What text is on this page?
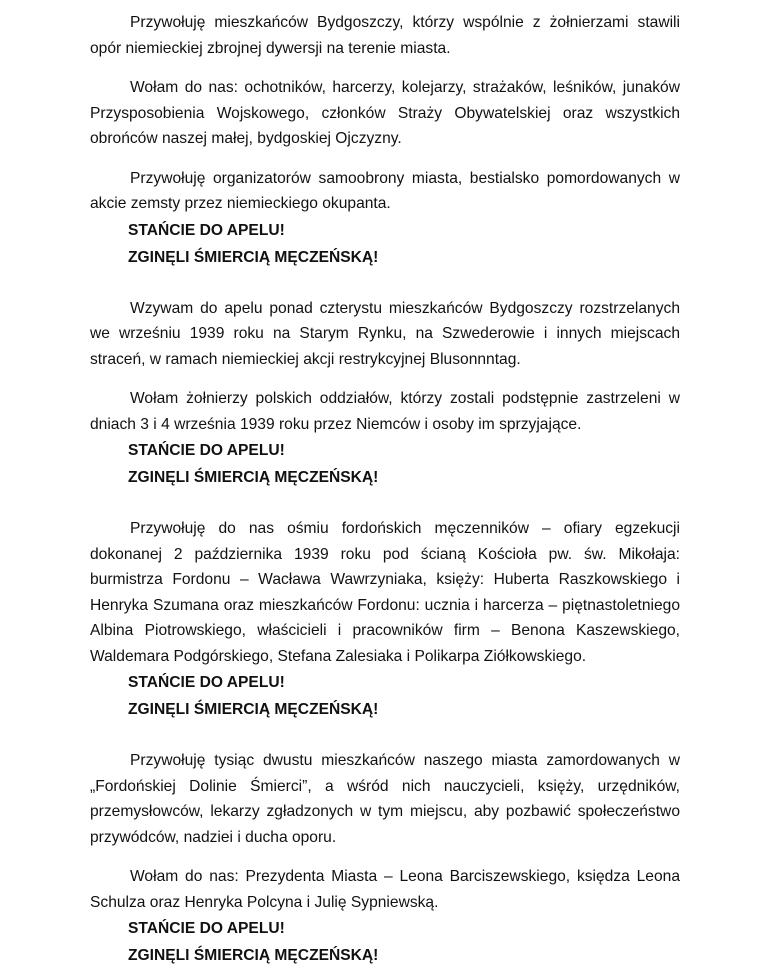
Przywołuję mieszkańców Bydgoszczy, którzy wspólnie z żołnierzami stawili opór niemieckiej zbrojnej dywersji na terenie miasta.

Wołam do nas: ochotników, harcerzy, kolejarzy, strażaków, leśników, junaków Przysposobienia Wojskowego, członków Straży Obywatelskiej oraz wszystkich obrońców naszej małej, bydgoskiej Ojczyzny.

Przywołuję organizatorów samoobrony miasta, bestialsko pomordowanych w akcie zemsty przez niemieckiego okupanta.

STAŃCIE DO APELU!

ZGINĘLI ŚMIERCIĄ MĘCZEŃSKĄ!

Wzywam do apelu ponad czterystu mieszkańców Bydgoszczy rozstrzelanych we wrześniu 1939 roku na Starym Rynku, na Szwederowie i innych miejscach straceń, w ramach niemieckiej akcji restrykcyjnej Blusonnntag.

Wołam żołnierzy polskich oddziałów, którzy zostali podstępnie zastrzeleni w dniach 3 i 4 września 1939 roku przez Niemców i osoby im sprzyjające.

STAŃCIE DO APELU!

ZGINĘLI ŚMIERCIĄ MĘCZEŃSKĄ!

Przywołuję do nas ośmiu fordońskich męczenników – ofiary egzekucji dokonanej 2 października 1939 roku pod ścianą Kościoła pw. św. Mikołaja: burmistrza Fordonu – Wacława Wawrzyniaka, księży: Huberta Raszkowskiego i Henryka Szumana oraz mieszkańców Fordonu: ucznia i harcerza – piętnastoletniego Albina Piotrowskiego, właścicieli i pracowników firm – Benona Kaszewskiego, Waldemara Podgórskiego, Stefana Zalesiaka i Polikarpa Ziółkowskiego.

STAŃCIE DO APELU!

ZGINĘLI ŚMIERCIĄ MĘCZEŃSKĄ!

Przywołuję tysiąc dwustu mieszkańców naszego miasta zamordowanych w „Fordońskiej Dolinie Śmierci”, a wśród nich nauczycieli, księży, urzędników, przemysłowców, lekarzy zgładzonych w tym miejscu, aby pozbawić społeczeństwo przywódców, nadziei i ducha oporu.

Wołam do nas: Prezydenta Miasta – Leona Barciszewskiego, księdza Leona Schulza oraz Henryka Polcyna i Julię Sypniewską.

STAŃCIE DO APELU!

ZGINĘLI ŚMIERCIĄ MĘCZEŃSKĄ!
